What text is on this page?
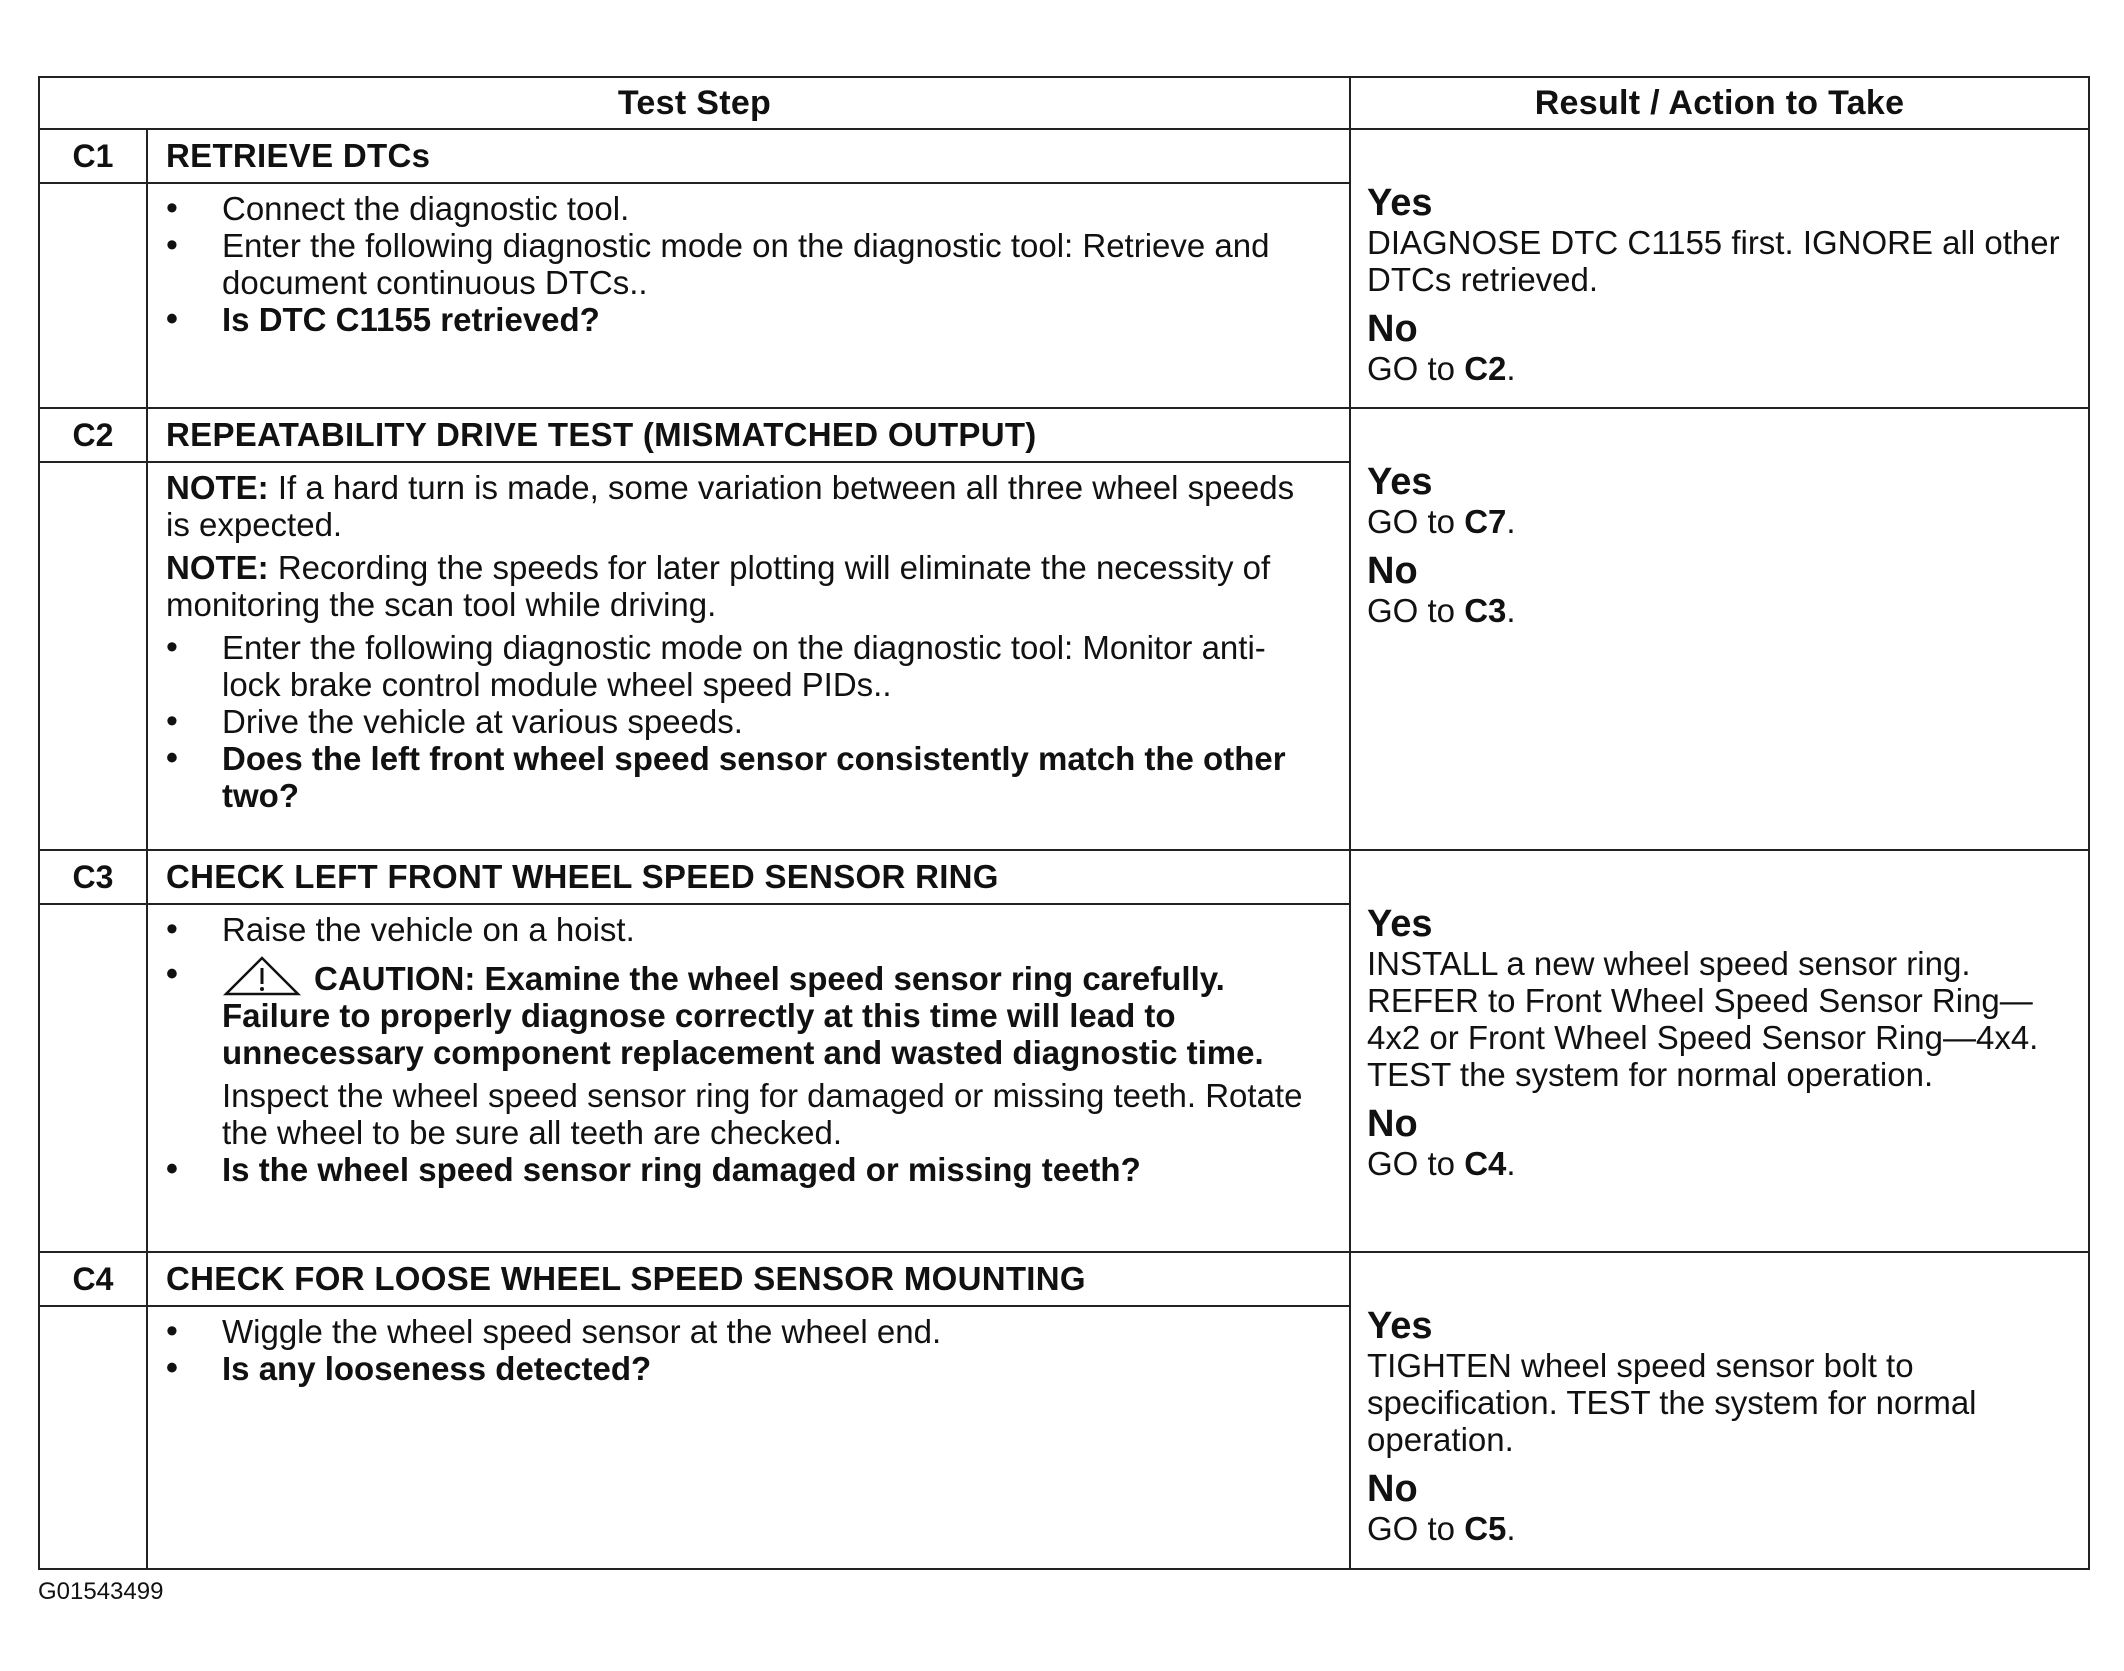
Test Step		Result / Action to Take
C1	RETRIEVE DTCs	Yes
DIAGNOSE DTC C1155 first. IGNORE all other DTCs retrieved.
No
GO to C2.

	• Connect the diagnostic tool.

• Enter the following diagnostic mode on the diagnostic tool: Retrieve and document continuous DTCs..

• Is DTC C1155 retrieved?

C2	REPEATABILITY DRIVE TEST (MISMATCHED OUTPUT)	Yes
GO to C7.
No
GO to C3.

	NOTE: If a hard turn is made, some variation between all three wheel speeds is expected.

NOTE: Recording the speeds for later plotting will eliminate the necessity of monitoring the scan tool while driving.

• Enter the following diagnostic mode on the diagnostic tool: Monitor anti-lock brake control module wheel speed PIDs..

• Drive the vehicle at various speeds.

• Does the left front wheel speed sensor consistently match the other two?

C3	CHECK LEFT FRONT WHEEL SPEED SENSOR RING	Yes
INSTALL a new wheel speed sensor ring. REFER to Front Wheel Speed Sensor Ring—4x2 or Front Wheel Speed Sensor Ring—4x4. TEST the system for normal operation.
No
GO to C4.

	• Raise the vehicle on a hoist.

• CAUTION: Examine the wheel speed sensor ring carefully. Failure to properly diagnose correctly at this time will lead to unnecessary component replacement and wasted diagnostic time.

Inspect the wheel speed sensor ring for damaged or missing teeth. Rotate the wheel to be sure all teeth are checked.

• Is the wheel speed sensor ring damaged or missing teeth?

C4	CHECK FOR LOOSE WHEEL SPEED SENSOR MOUNTING	Yes
TIGHTEN wheel speed sensor bolt to specification. TEST the system for normal operation.
No
GO to C5.

	• Wiggle the wheel speed sensor at the wheel end.

• Is any looseness detected?

G01543499
